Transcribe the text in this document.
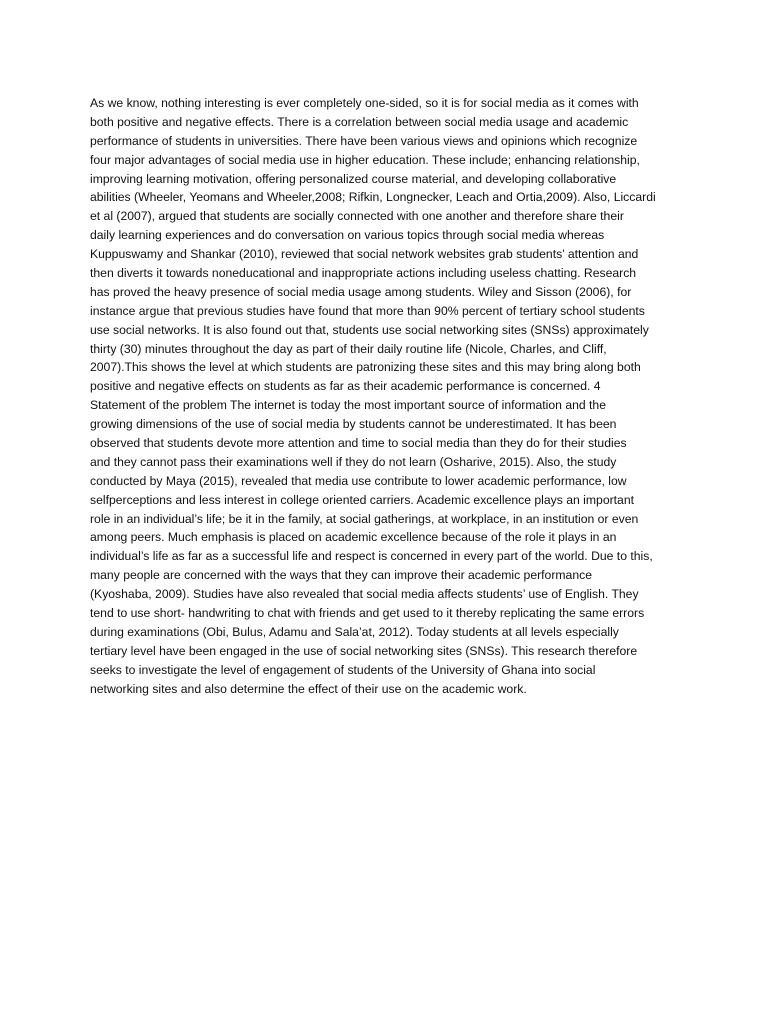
As we know, nothing interesting is ever completely one-sided, so it is for social media as it comes with
both positive and negative effects. There is a correlation between social media usage and academic
performance of students in universities. There have been various views and opinions which recognize
four major advantages of social media use in higher education. These include; enhancing relationship,
improving learning motivation, offering personalized course material, and developing collaborative
abilities (Wheeler, Yeomans and Wheeler,2008; Rifkin, Longnecker, Leach and Ortia,2009). Also, Liccardi
et al (2007), argued that students are socially connected with one another and therefore share their
daily learning experiences and do conversation on various topics through social media whereas
Kuppuswamy and Shankar (2010), reviewed that social network websites grab students’ attention and
then diverts it towards noneducational and inappropriate actions including useless chatting. Research
has proved the heavy presence of social media usage among students. Wiley and Sisson (2006), for
instance argue that previous studies have found that more than 90% percent of tertiary school students
use social networks. It is also found out that, students use social networking sites (SNSs) approximately
thirty (30) minutes throughout the day as part of their daily routine life (Nicole, Charles, and Cliff,
2007).This shows the level at which students are patronizing these sites and this may bring along both
positive and negative effects on students as far as their academic performance is concerned. 4
Statement of the problem The internet is today the most important source of information and the
growing dimensions of the use of social media by students cannot be underestimated. It has been
observed that students devote more attention and time to social media than they do for their studies
and they cannot pass their examinations well if they do not learn (Osharive, 2015). Also, the study
conducted by Maya (2015), revealed that media use contribute to lower academic performance, low
selfperceptions and less interest in college oriented carriers. Academic excellence plays an important
role in an individual’s life; be it in the family, at social gatherings, at workplace, in an institution or even
among peers. Much emphasis is placed on academic excellence because of the role it plays in an
individual’s life as far as a successful life and respect is concerned in every part of the world. Due to this,
many people are concerned with the ways that they can improve their academic performance
(Kyoshaba, 2009). Studies have also revealed that social media affects students’ use of English. They
tend to use short- handwriting to chat with friends and get used to it thereby replicating the same errors
during examinations (Obi, Bulus, Adamu and Sala’at, 2012). Today students at all levels especially
tertiary level have been engaged in the use of social networking sites (SNSs). This research therefore
seeks to investigate the level of engagement of students of the University of Ghana into social
networking sites and also determine the effect of their use on the academic work.
